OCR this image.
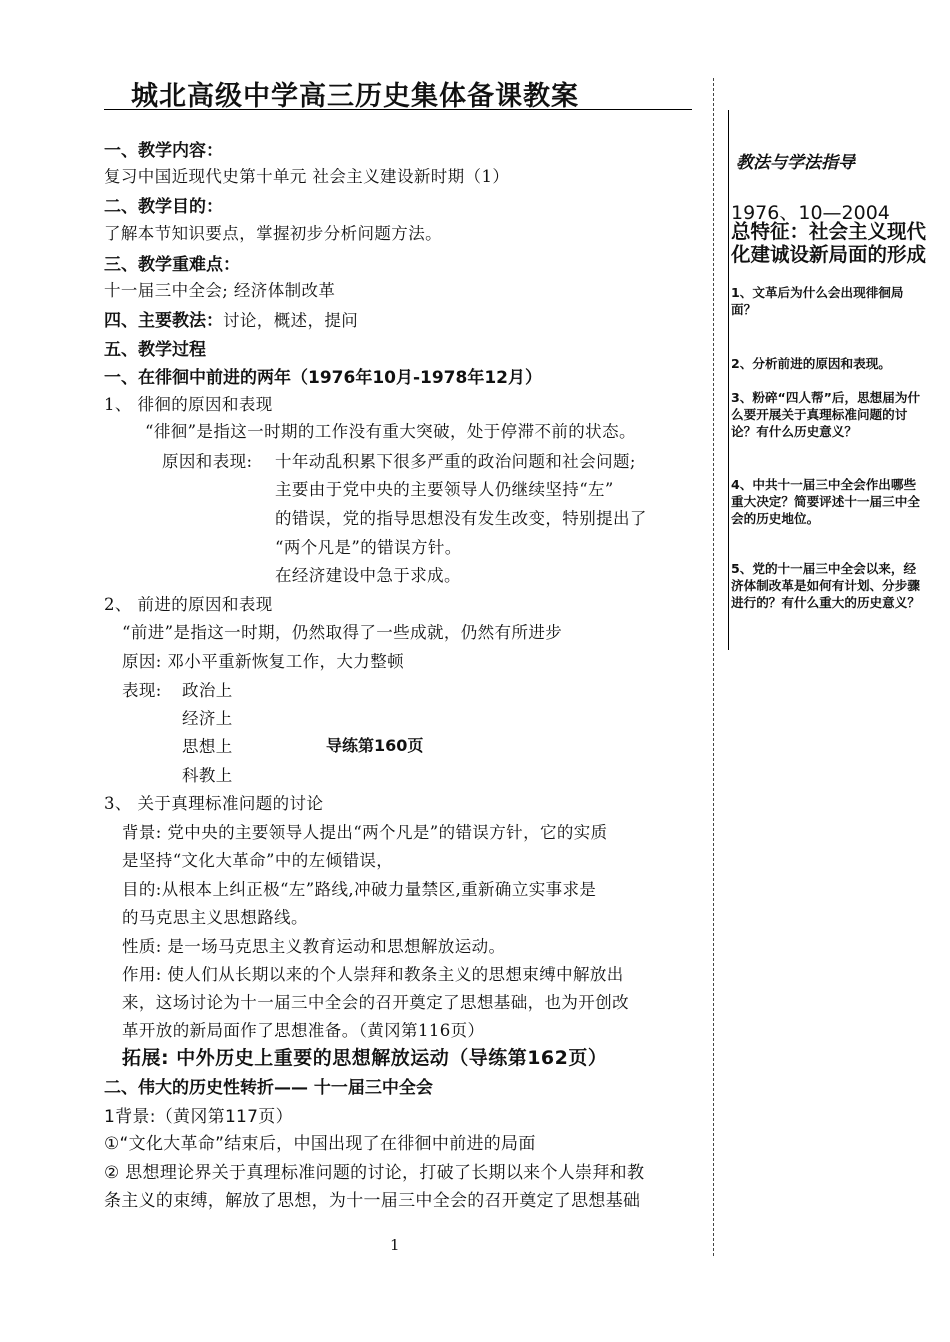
城北高级中学高三历史集体备课教案
一、教学内容：
复习中国近现代史第十单元 社会主义建设新时期（1）
二、教学目的：
了解本节知识要点，掌握初步分析问题方法。
三、教学重难点：
十一届三中全会; 经济体制改革
四、主要教法：讨论，概述，提问
五、教学过程
一、在徘徊中前进的两年（1976年10月-1978年12月）
1、 徘徊的原因和表现
“徘徊”是指这一时期的工作没有重大突破，处于停滞不前的状态。
原因和表现: 十年动乱积累下很多严重的政治问题和社会问题;
主要由于党中央的主要领导人仍继续坚持“左”
的错误，党的指导思想没有发生改变，特别提出了
“两个凡是”的错误方针。
在经济建设中急于求成。
2、 前进的原因和表现
“前进”是指这一时期，仍然取得了一些成就，仍然有所进步
原因: 邓小平重新恢复工作，大力整顿
表现: 政治上
经济上
思想上	导练第160页
科教上
3、 关于真理标准问题的讨论
背景: 党中央的主要领导人提出“两个凡是”的错误方针，它的实质
是坚持“文化大革命”中的左倾错误，
目的:从根本上纠正极“左”路线,冲破力量禁区,重新确立实事求是
的马克思主义思想路线。
性质: 是一场马克思主义教育运动和思想解放运动。
作用: 使人们从长期以来的个人崇拜和教条主义的思想束缚中解放出
来，这场讨论为十一届三中全会的召开奠定了思想基础，也为开创改
革开放的新局面作了思想准备。（黄冈第116页）
拓展: 中外历史上重要的思想解放运动（导练第162页）
二、伟大的历史性转折—— 十一届三中全会
1背景:（黄冈第117页）
①“文化大革命”结束后，中国出现了在徘徊中前进的局面
② 思想理论界关于真理标准问题的讨论，打破了长期以来个人崇拜和教
条主义的束缚，解放了思想，为十一届三中全会的召开奠定了思想基础
1
教法与学法指导
1976、10—2004
总特征：社会主义现代化建诚设新局面的形成
1、文革后为什么会出现徘徊局面？
2、分析前进的原因和表现。
3、粉碎“四人帮”后，思想届为什么要开展关于真理标准问题的讨论？有什么历史意义？
4、中共十一届三中全会作出哪些重大决定？简要评述十一届三中全会的历史地位。
5、党的十一届三中全会以来，经济体制改革是如何有计划、分步骤进行的？有什么重大的历史意义？
